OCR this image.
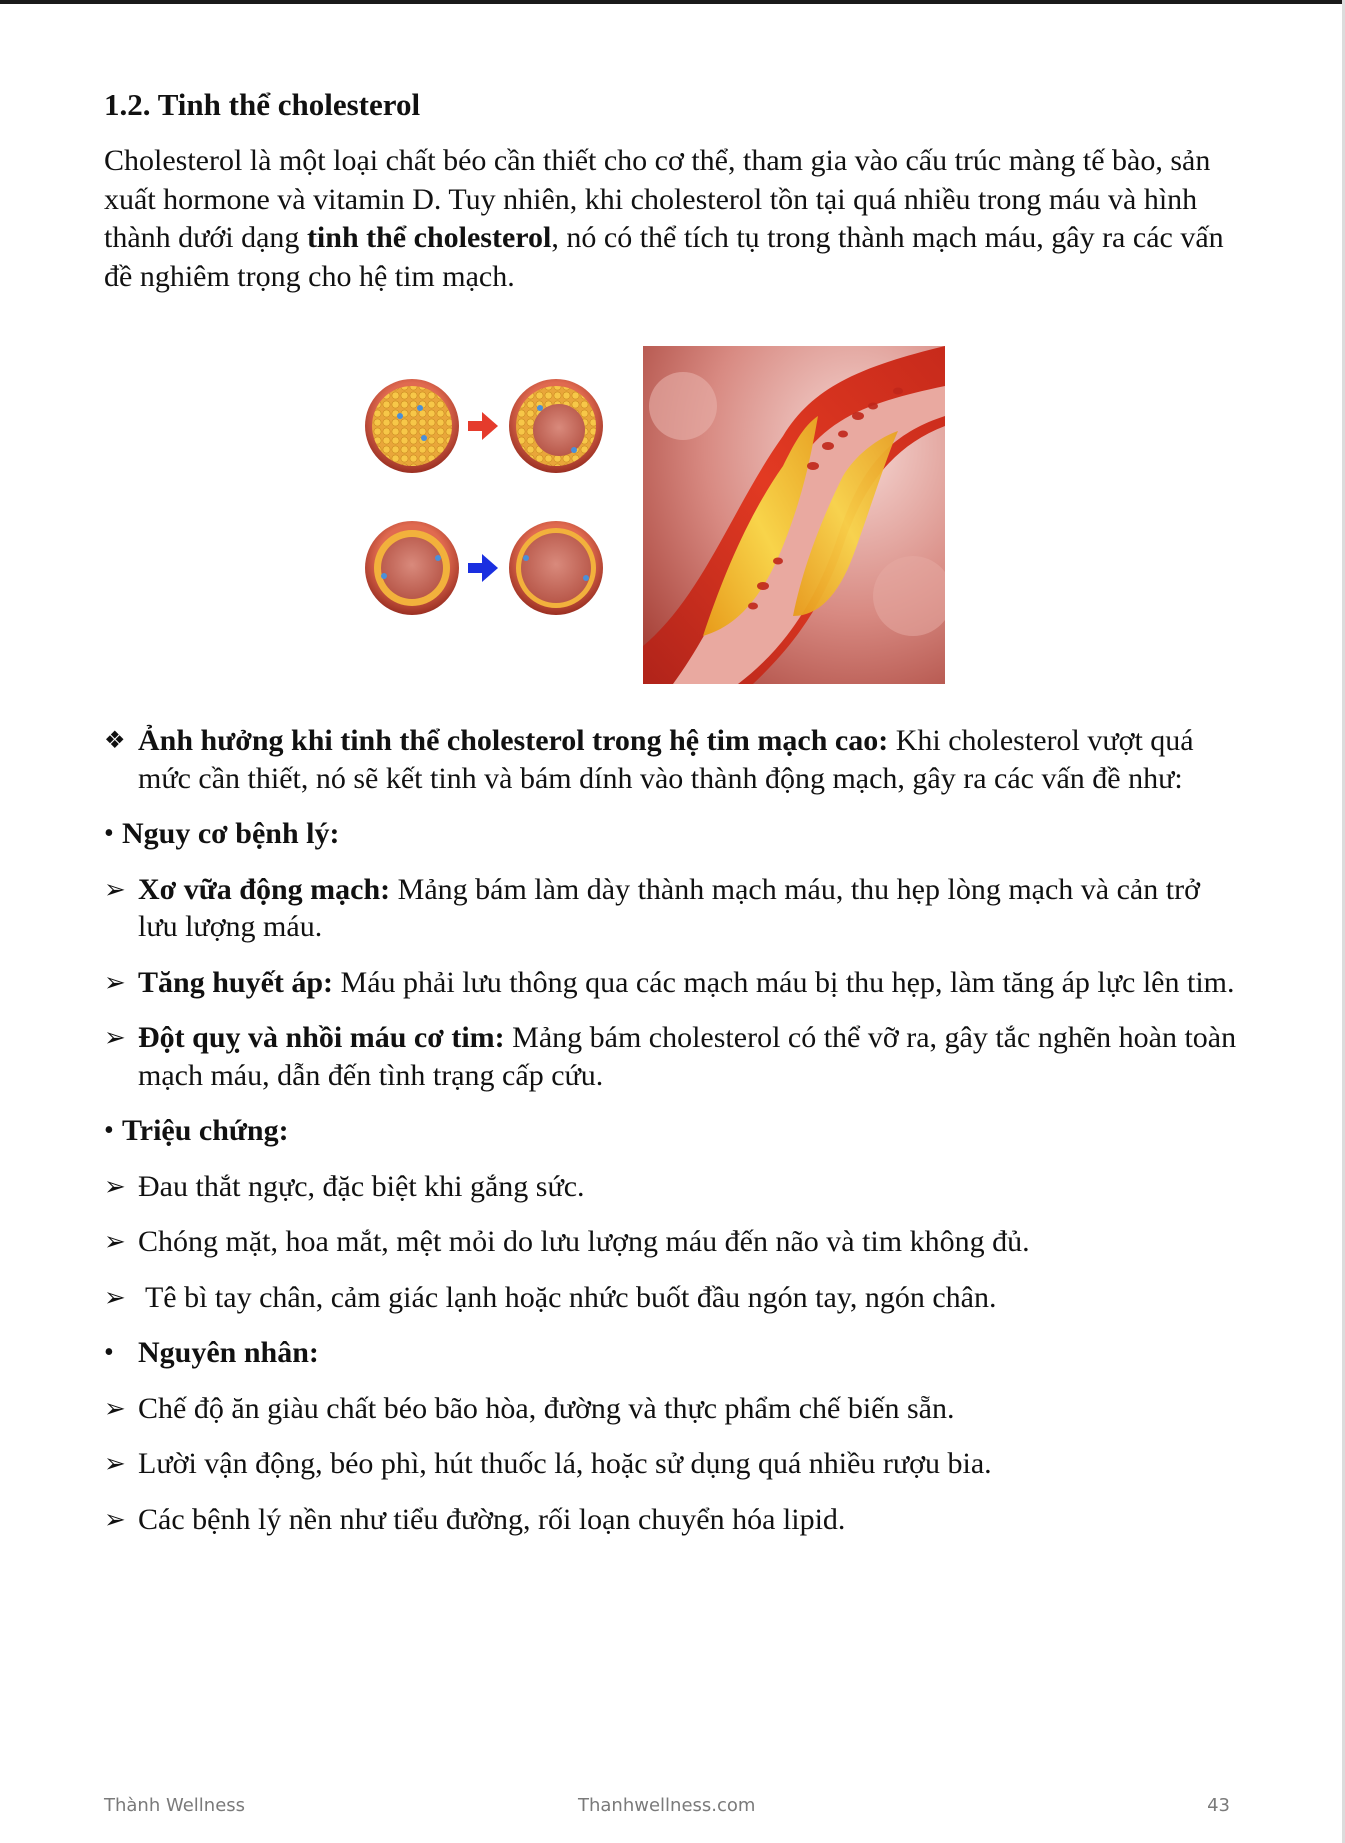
1.2. Tinh thể cholesterol

Cholesterol là một loại chất béo cần thiết cho cơ thể, tham gia vào cấu trúc màng tế bào, sản xuất hormone và vitamin D. Tuy nhiên, khi cholesterol tồn tại quá nhiều trong máu và hình thành dưới dạng tinh thể cholesterol, nó có thể tích tụ trong thành mạch máu, gây ra các vấn đề nghiêm trọng cho hệ tim mạch.

❖ Ảnh hưởng khi tinh thể cholesterol trong hệ tim mạch cao: Khi cholesterol vượt quá mức cần thiết, nó sẽ kết tinh và bám dính vào thành động mạch, gây ra các vấn đề như:
• Nguy cơ bệnh lý:
➢ Xơ vữa động mạch: Mảng bám làm dày thành mạch máu, thu hẹp lòng mạch và cản trở lưu lượng máu.
➢ Tăng huyết áp: Máu phải lưu thông qua các mạch máu bị thu hẹp, làm tăng áp lực lên tim.
➢ Đột quỵ và nhồi máu cơ tim: Mảng bám cholesterol có thể vỡ ra, gây tắc nghẽn hoàn toàn mạch máu, dẫn đến tình trạng cấp cứu.
• Triệu chứng:
➢ Đau thắt ngực, đặc biệt khi gắng sức.
➢ Chóng mặt, hoa mắt, mệt mỏi do lưu lượng máu đến não và tim không đủ.
➢ Tê bì tay chân, cảm giác lạnh hoặc nhức buốt đầu ngón tay, ngón chân.
• Nguyên nhân:
➢ Chế độ ăn giàu chất béo bão hòa, đường và thực phẩm chế biến sẵn.
➢ Lười vận động, béo phì, hút thuốc lá, hoặc sử dụng quá nhiều rượu bia.
➢ Các bệnh lý nền như tiểu đường, rối loạn chuyển hóa lipid.
Thành Wellness	Thanhwellness.com	43
